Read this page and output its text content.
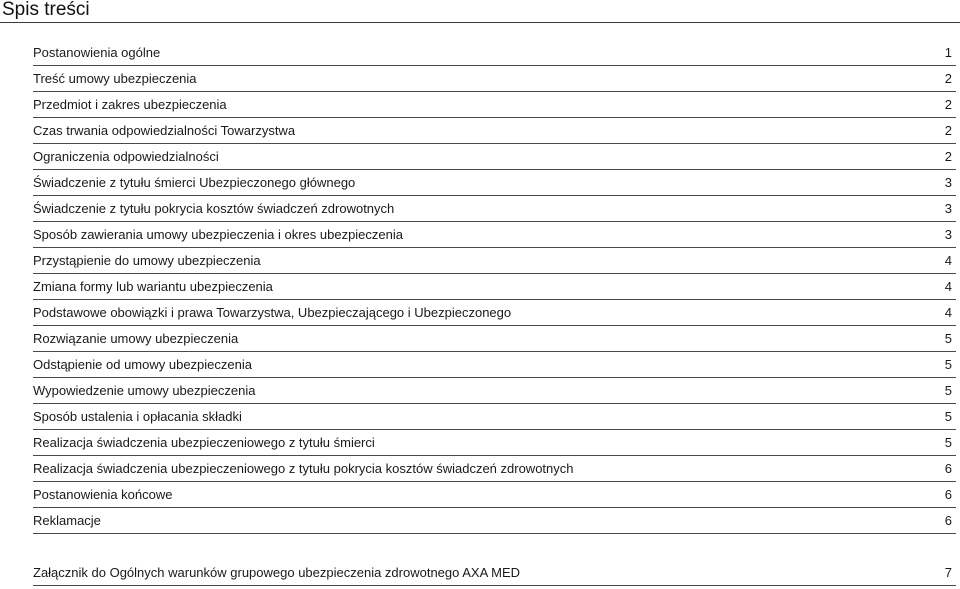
Spis treści
Postanowienia ogólne	1
Treść umowy ubezpieczenia	2
Przedmiot i zakres ubezpieczenia	2
Czas trwania odpowiedzialności Towarzystwa	2
Ograniczenia odpowiedzialności	2
Świadczenie z tytułu śmierci Ubezpieczonego głównego	3
Świadczenie z tytułu pokrycia kosztów świadczeń zdrowotnych	3
Sposób zawierania umowy ubezpieczenia i okres ubezpieczenia	3
Przystąpienie do umowy ubezpieczenia	4
Zmiana formy lub wariantu ubezpieczenia	4
Podstawowe obowiązki i prawa Towarzystwa, Ubezpieczającego i Ubezpieczonego	4
Rozwiązanie umowy ubezpieczenia	5
Odstąpienie od umowy ubezpieczenia	5
Wypowiedzenie umowy ubezpieczenia	5
Sposób ustalenia i opłacania składki	5
Realizacja świadczenia ubezpieczeniowego z tytułu śmierci	5
Realizacja świadczenia ubezpieczeniowego z tytułu pokrycia kosztów świadczeń zdrowotnych	6
Postanowienia końcowe	6
Reklamacje	6
Załącznik do Ogólnych warunków grupowego ubezpieczenia zdrowotnego AXA MED	7
